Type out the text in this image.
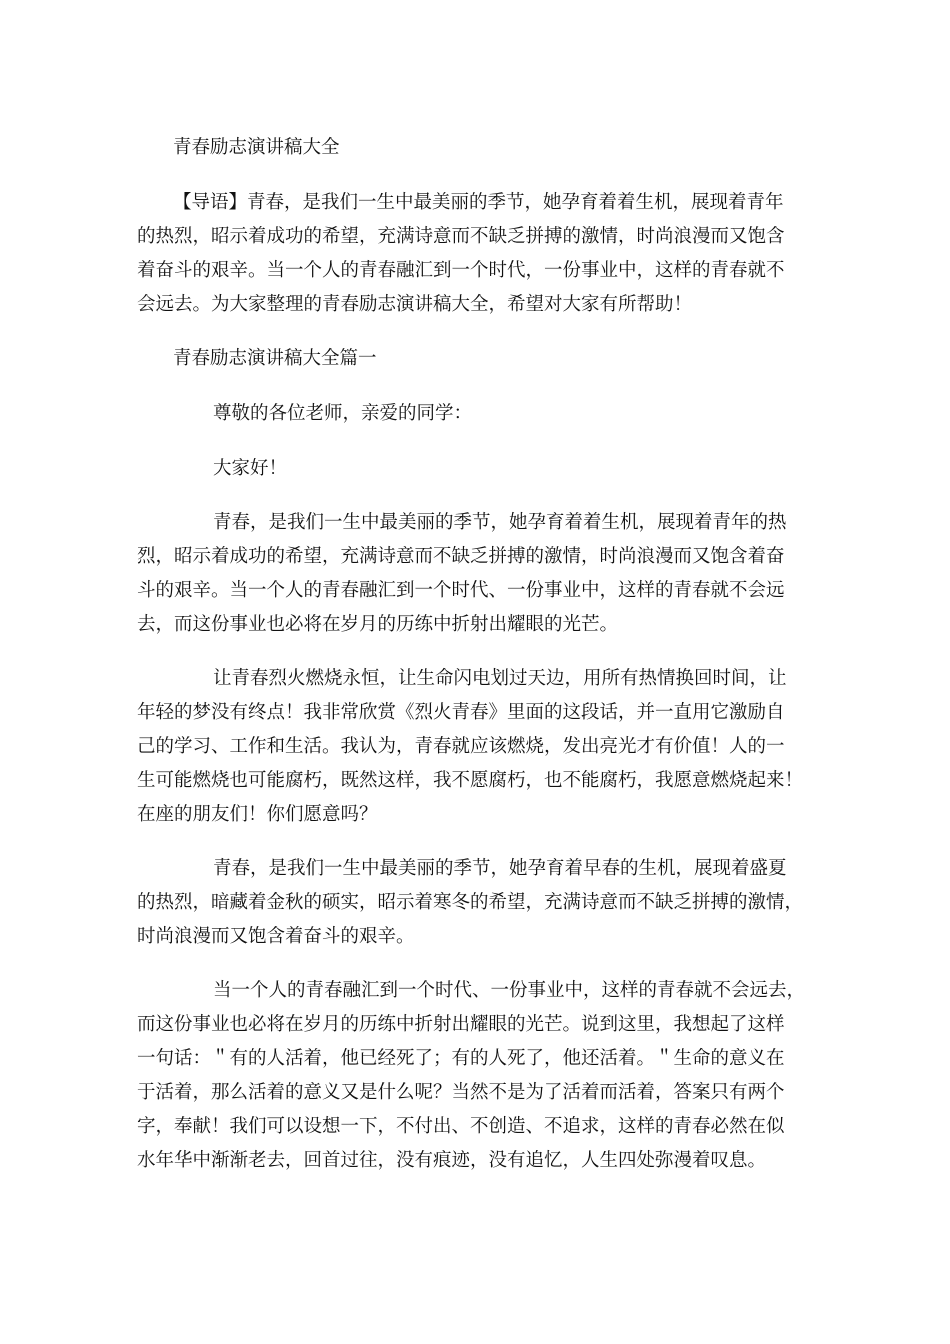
青春励志演讲稿大全
【导语】青春，是我们一生中最美丽的季节，她孕育着着生机，展现着青年
的热烈，昭示着成功的希望，充满诗意而不缺乏拼搏的激情，时尚浪漫而又饱含
着奋斗的艰辛。当一个人的青春融汇到一个时代，一份事业中，这样的青春就不
会远去。为大家整理的青春励志演讲稿大全，希望对大家有所帮助！
青春励志演讲稿大全篇一
尊敬的各位老师，亲爱的同学：
大家好！
青春，是我们一生中最美丽的季节，她孕育着着生机，展现着青年的热
烈，昭示着成功的希望，充满诗意而不缺乏拼搏的激情，时尚浪漫而又饱含着奋
斗的艰辛。当一个人的青春融汇到一个时代、一份事业中，这样的青春就不会远
去，而这份事业也必将在岁月的历练中折射出耀眼的光芒。
让青春烈火燃烧永恒，让生命闪电划过天边，用所有热情换回时间，让
年轻的梦没有终点！我非常欣赏《烈火青春》里面的这段话，并一直用它激励自
己的学习、工作和生活。我认为，青春就应该燃烧，发出亮光才有价值！人的一
生可能燃烧也可能腐朽，既然这样，我不愿腐朽，也不能腐朽，我愿意燃烧起来！
在座的朋友们！你们愿意吗？
青春，是我们一生中最美丽的季节，她孕育着早春的生机，展现着盛夏
的热烈，暗藏着金秋的硕实，昭示着寒冬的希望，充满诗意而不缺乏拼搏的激情，
时尚浪漫而又饱含着奋斗的艰辛。
当一个人的青春融汇到一个时代、一份事业中，这样的青春就不会远去，
而这份事业也必将在岁月的历练中折射出耀眼的光芒。说到这里，我想起了这样
一句话：＂有的人活着，他已经死了；有的人死了，他还活着。＂生命的意义在
于活着，那么活着的意义又是什么呢？当然不是为了活着而活着，答案只有两个
字，奉献！我们可以设想一下，不付出、不创造、不追求，这样的青春必然在似
水年华中渐渐老去，回首过往，没有痕迹，没有追忆，人生四处弥漫着叹息。
